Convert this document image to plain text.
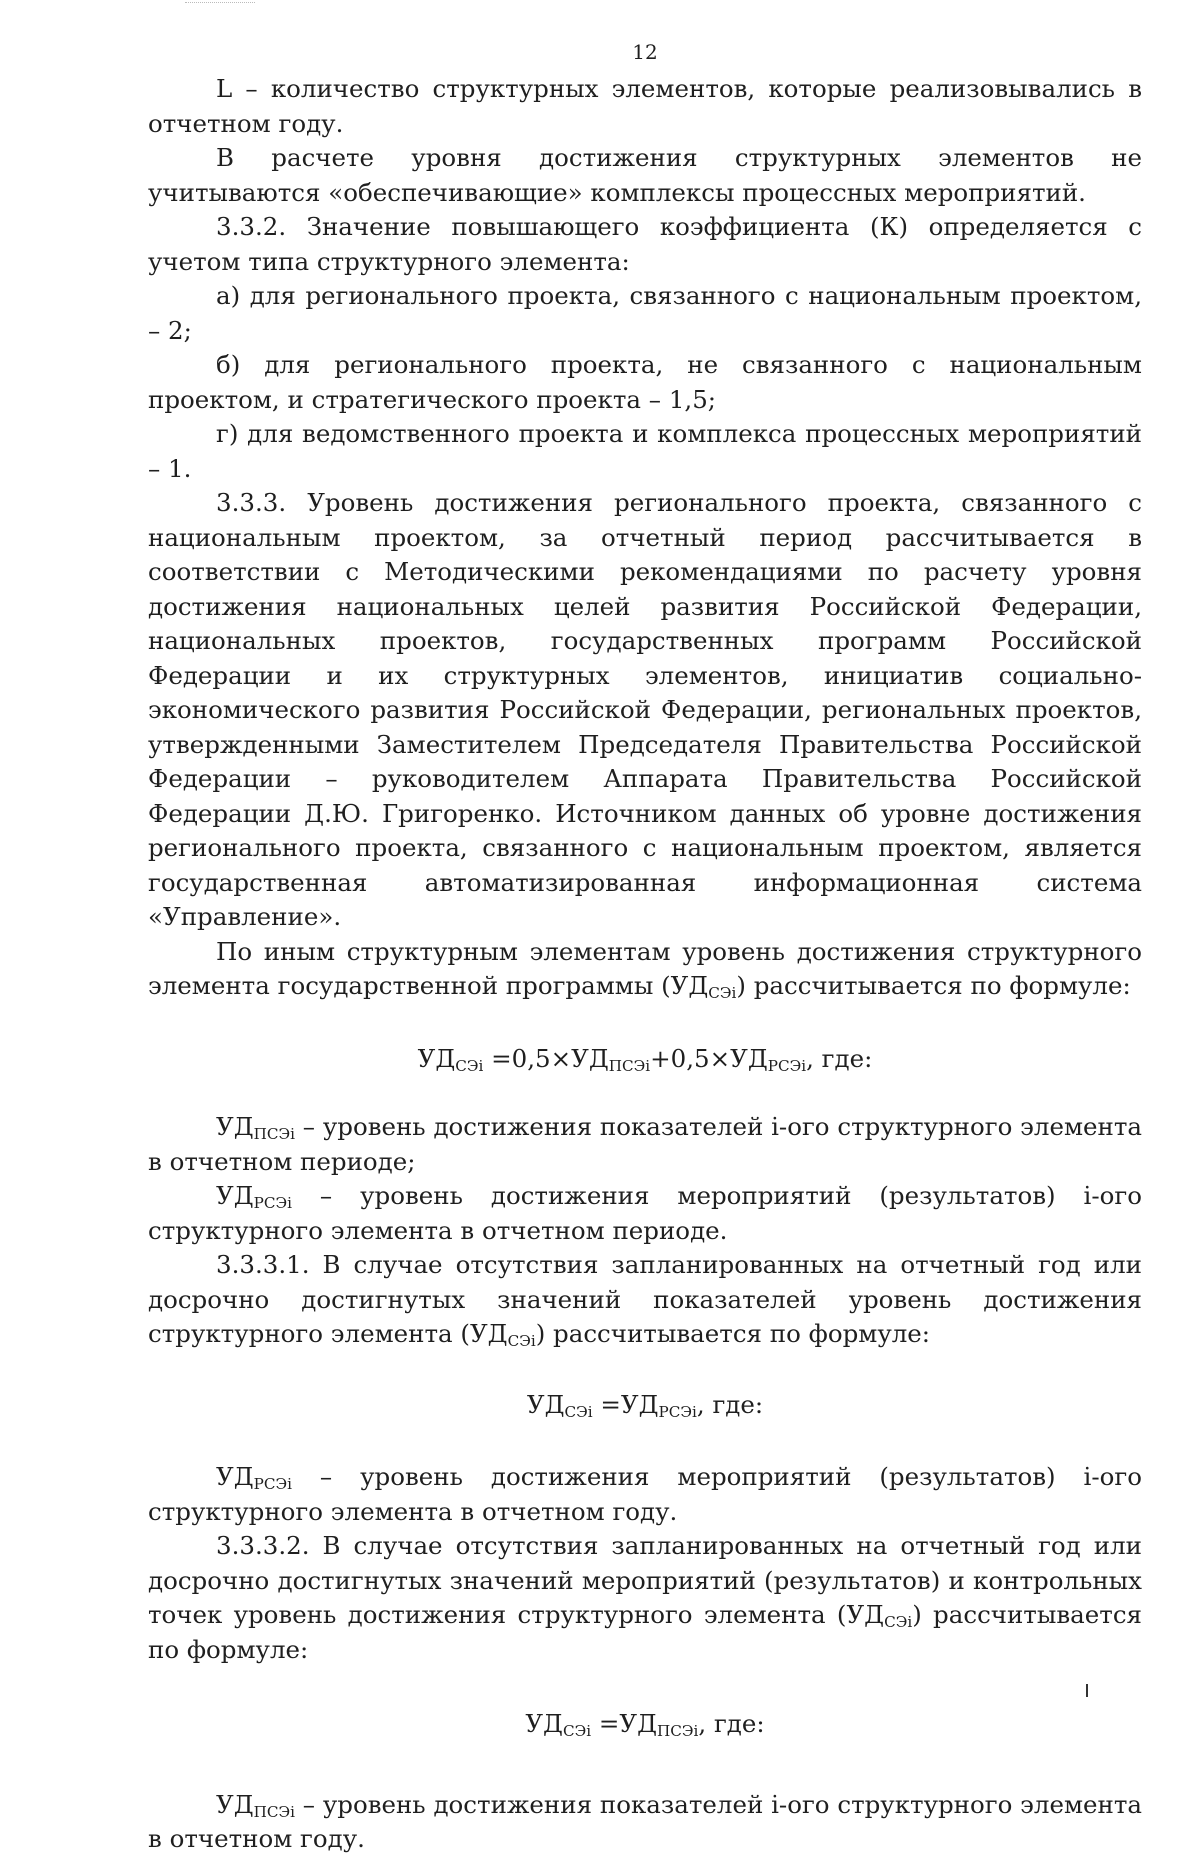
12

L – количество структурных элементов, которые реализовывались в отчетном году.

В расчете уровня достижения структурных элементов не учитываются «обеспечивающие» комплексы процессных мероприятий.

3.3.2. Значение повышающего коэффициента (К) определяется с учетом типа структурного элемента:

а) для регионального проекта, связанного с национальным проектом, – 2;

б) для регионального проекта, не связанного с национальным проектом, и стратегического проекта – 1,5;

г) для ведомственного проекта и комплекса процессных мероприятий – 1.

3.3.3. Уровень достижения регионального проекта, связанного с национальным проектом, за отчетный период рассчитывается в соответствии с Методическими рекомендациями по расчету уровня достижения национальных целей развития Российской Федерации, национальных проектов, государственных программ Российской Федерации и их структурных элементов, инициатив социально-экономического развития Российской Федерации, региональных проектов, утвержденными Заместителем Председателя Правительства Российской Федерации – руководителем Аппарата Правительства Российской Федерации Д.Ю. Григоренко. Источником данных об уровне достижения регионального проекта, связанного с национальным проектом, является государственная автоматизированная информационная система «Управление».

По иным структурным элементам уровень достижения структурного элемента государственной программы $(УД_{СЭi})$ рассчитывается по формуле:

$УД_{СЭi} =0,5\times УД_{ПСЭi}+0,5\times УД_{РСЭi}$, где:

$УД_{ПСЭi}$ – уровень достижения показателей i-ого структурного элемента в отчетном периоде;

$УД_{РСЭi}$ – уровень достижения мероприятий (результатов) i-ого структурного элемента в отчетном периоде.

3.3.3.1. В случае отсутствия запланированных на отчетный год или досрочно достигнутых значений показателей уровень достижения структурного элемента $(УД_{СЭi})$ рассчитывается по формуле:

$УД_{СЭi} =УД_{РСЭi}$, где:

$УД_{РСЭi}$ – уровень достижения мероприятий (результатов) i-ого структурного элемента в отчетном году.

3.3.3.2. В случае отсутствия запланированных на отчетный год или досрочно достигнутых значений мероприятий (результатов) и контрольных точек уровень достижения структурного элемента $(УД_{СЭi})$ рассчитывается по формуле:

$УД_{СЭi} =УД_{ПСЭi}$, где:

$УД_{ПСЭi}$ – уровень достижения показателей i-ого структурного элемента в отчетном году.
